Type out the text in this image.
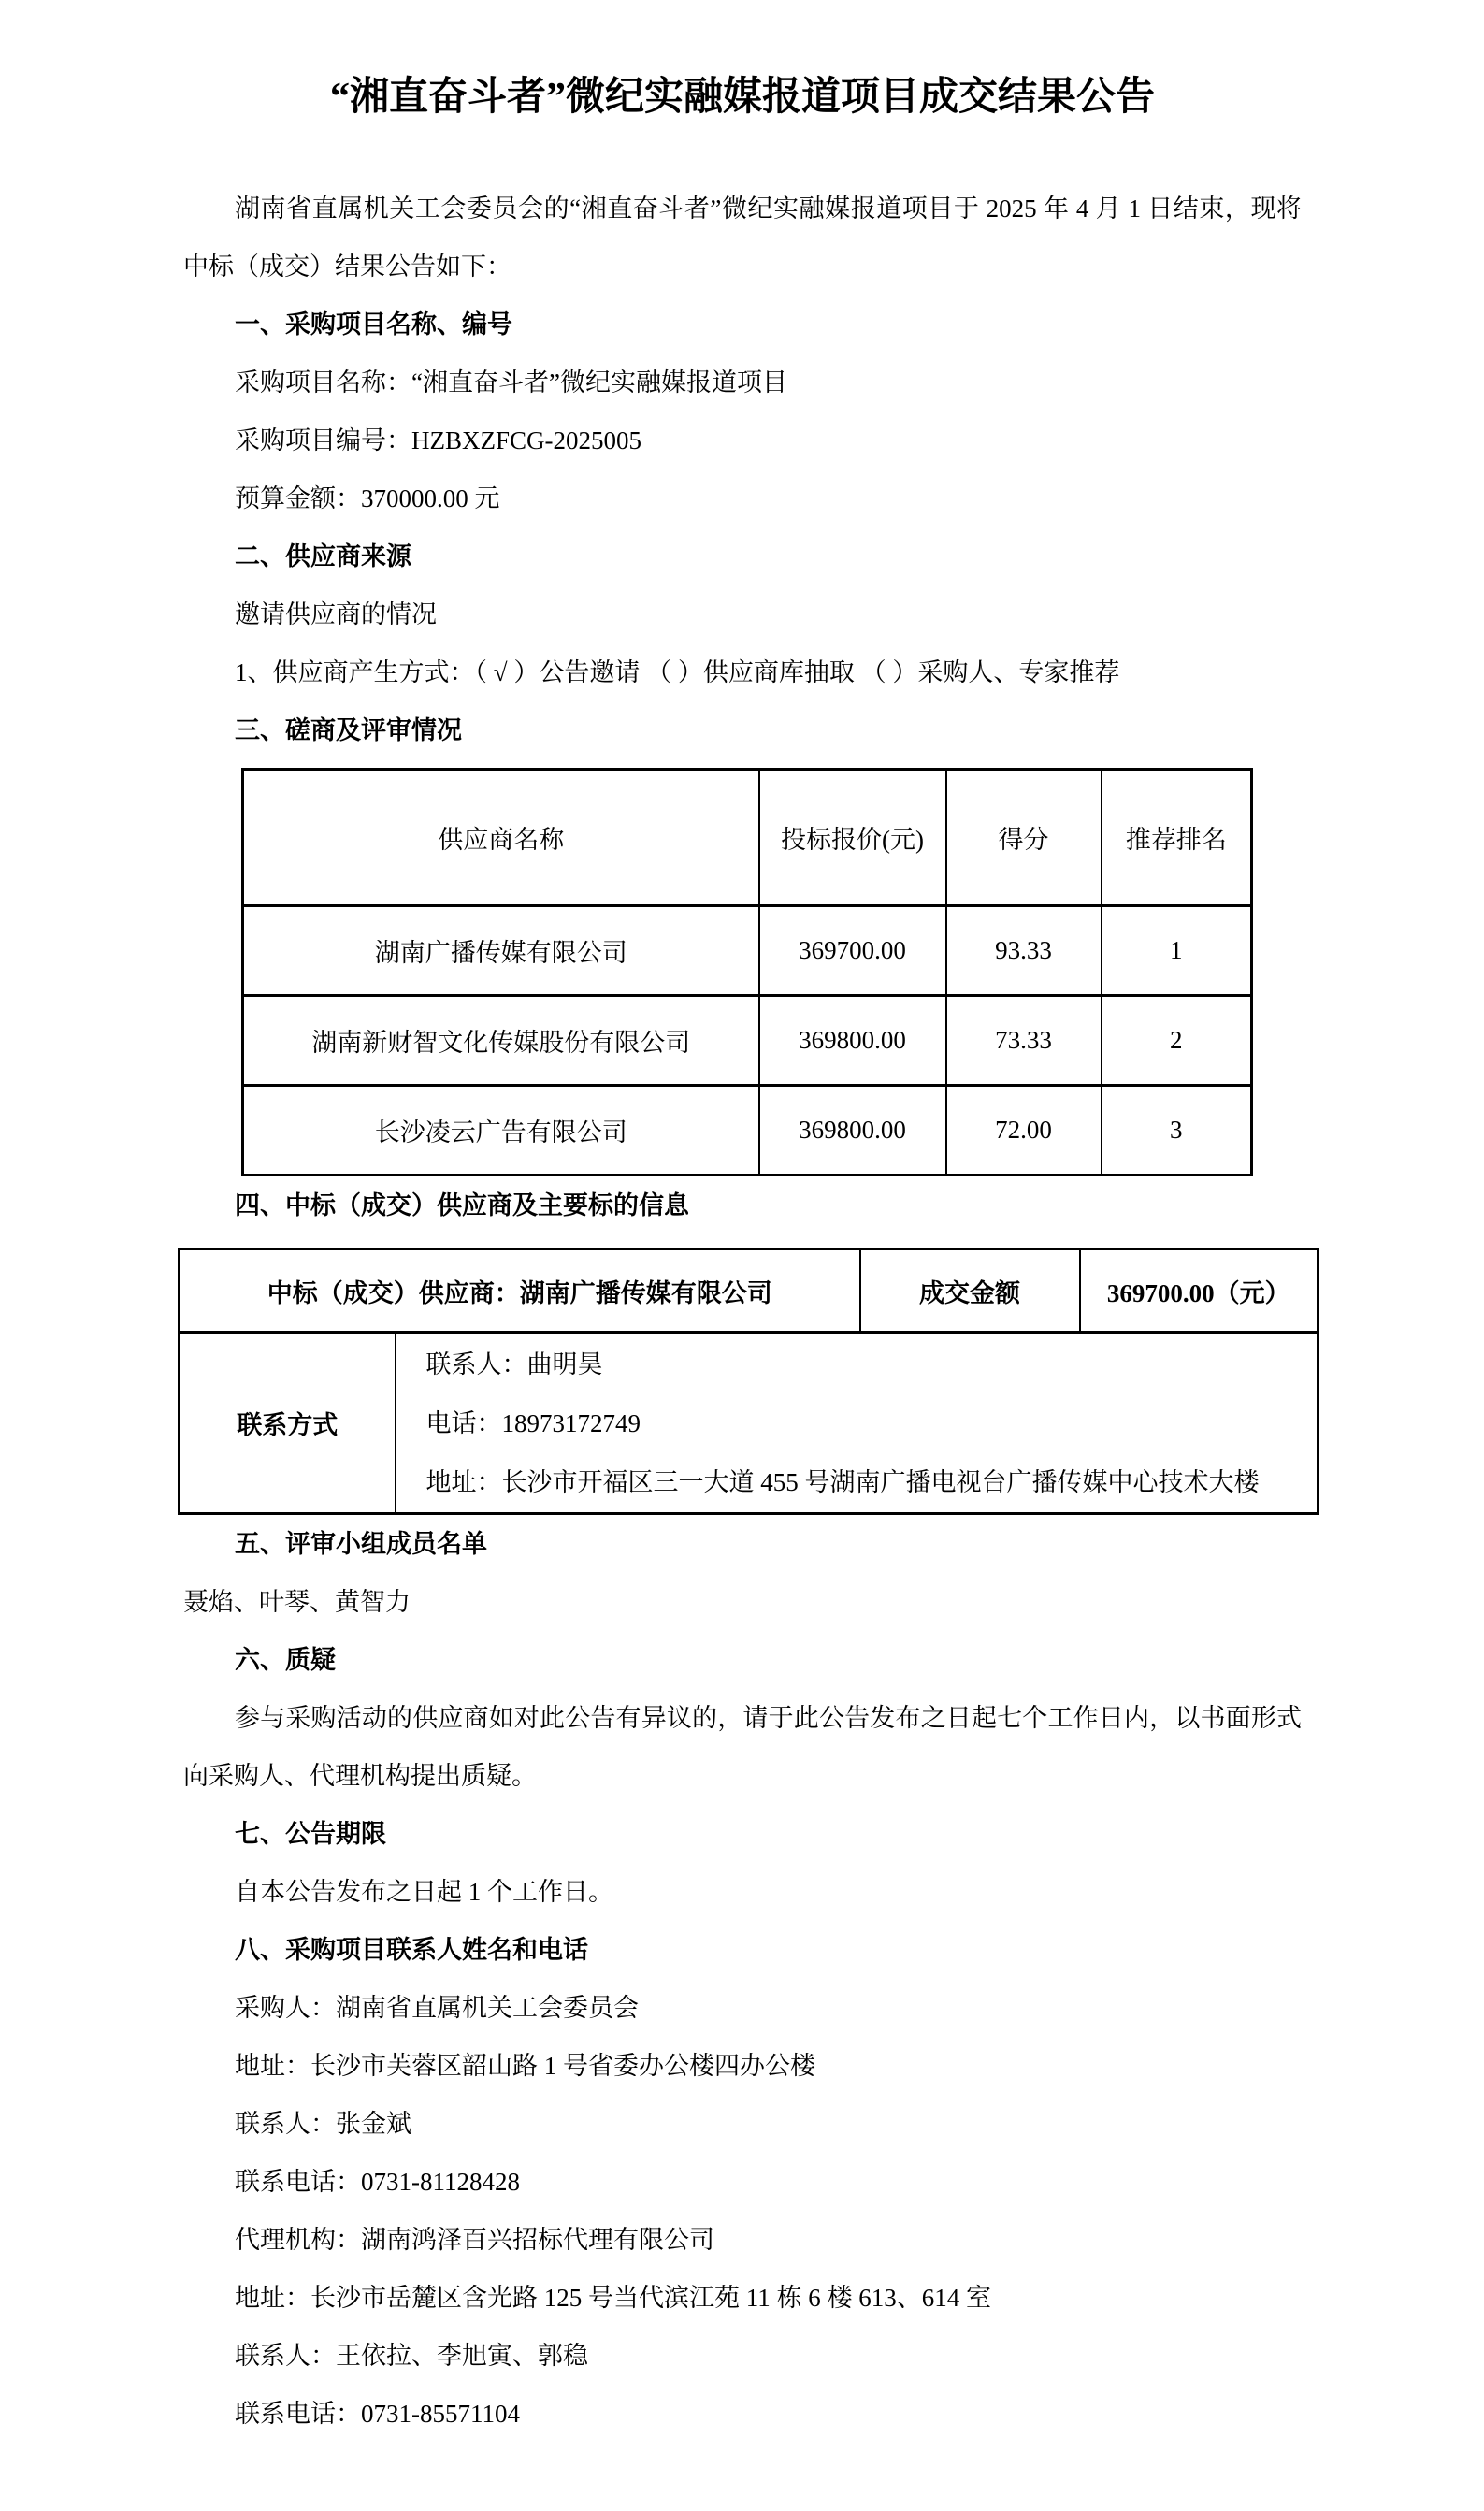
“湘直奋斗者”微纪实融媒报道项目成交结果公告

湖南省直属机关工会委员会的“湘直奋斗者”微纪实融媒报道项目于 2025 年 4 月 1 日结束，现将中标（成交）结果公告如下：

一、采购项目名称、编号

采购项目名称：“湘直奋斗者”微纪实融媒报道项目

采购项目编号：HZBXZFCG-2025005

预算金额：370000.00 元

二、供应商来源

邀请供应商的情况

1、供应商产生方式：（ √ ）公告邀请 （ ）供应商库抽取 （ ）采购人、专家推荐

三、磋商及评审情况

供应商名称	投标报价(元)	得分	推荐排名
湖南广播传媒有限公司	369700.00	93.33	1
湖南新财智文化传媒股份有限公司	369800.00	73.33	2
长沙凌云广告有限公司	369800.00	72.00	3

四、中标（成交）供应商及主要标的信息

中标（成交）供应商：湖南广播传媒有限公司		成交金额	369700.00（元）
联系方式	联系人：曲明昊

电话：18973172749

地址：长沙市开福区三一大道 455 号湖南广播电视台广播传媒中心技术大楼		

五、评审小组成员名单

聂焰、叶琴、黄智力

六、质疑

参与采购活动的供应商如对此公告有异议的，请于此公告发布之日起七个工作日内，以书面形式向采购人、代理机构提出质疑。

七、公告期限

自本公告发布之日起 1 个工作日。

八、采购项目联系人姓名和电话

采购人：湖南省直属机关工会委员会

地址：长沙市芙蓉区韶山路 1 号省委办公楼四办公楼

联系人：张金斌

联系电话：0731-81128428

代理机构：湖南鸿泽百兴招标代理有限公司

地址：长沙市岳麓区含光路 125 号当代滨江苑 11 栋 6 楼 613、614 室

联系人：王依拉、李旭寅、郭稳

联系电话：0731-85571104
